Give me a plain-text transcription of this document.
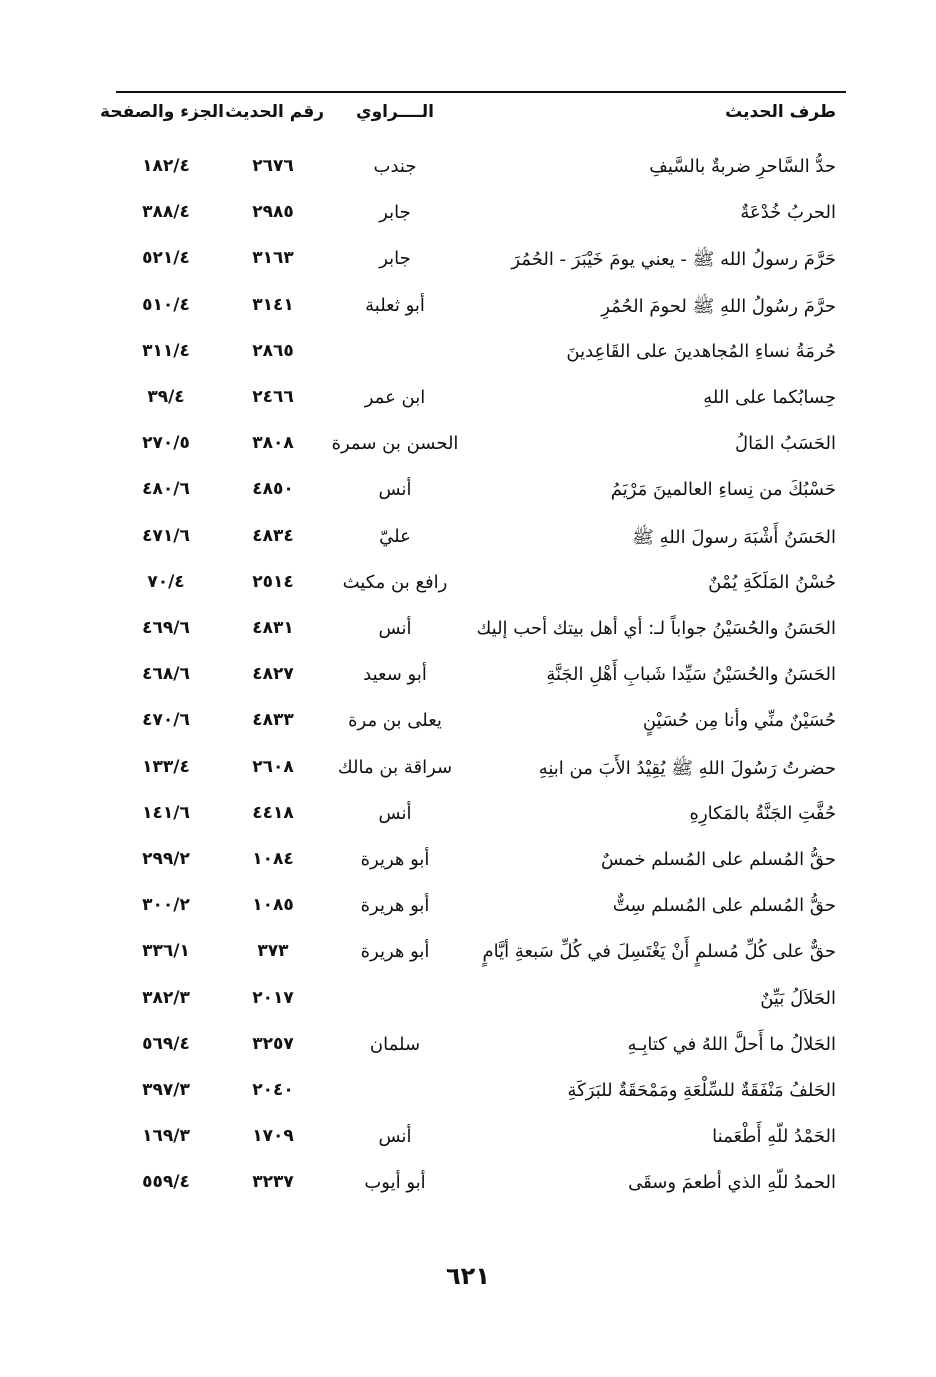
طرف الحديث
الــــراوي
رقم الحديث
الجزء والصفحة
حدُّ السَّاحرِ ضربةٌ بالسَّيفِ
جندب
٢٦٧٦
١٨٢/٤
الحربُ خُدْعَةٌ
جابر
٢٩٨٥
٣٨٨/٤
حَرَّمَ رسولُ الله ﷺ - يعني يومَ خَيْبَرَ - الحُمُرَ
جابر
٣١٦٣
٥٢١/٤
حرَّمَ رسُولُ اللهِ ﷺ لحومَ الحُمُرِ
أبو ثعلبة
٣١٤١
٥١٠/٤
حُرمَةُ نساءِ المُجاهدينَ على القَاعِدينَ
٢٨٦٥
٣١١/٤
حِسابُكما على اللهِ
ابن عمر
٢٤٦٦
٣٩/٤
الحَسَبُ المَالُ
الحسن بن سمرة
٣٨٠٨
٢٧٠/٥
حَسْبُكَ من نِساءِ العالمينَ مَرْيَمُ
أنس
٤٨٥٠
٤٨٠/٦
الحَسَنُ أَشْبَهَ رسولَ اللهِ ﷺ
عليّ
٤٨٣٤
٤٧١/٦
حُسْنُ المَلَكَةِ يُمْنٌ
رافع بن مكيث
٢٥١٤
٧٠/٤
الحَسَنُ والحُسَيْنُ جواباً لـ: أي أهل بيتك أحب إليك
أنس
٤٨٣١
٤٦٩/٦
الحَسَنُ والحُسَيْنُ سَيِّدا شَبابِ أَهْلِ الجَنَّةِ
أبو سعيد
٤٨٢٧
٤٦٨/٦
حُسَيْنٌ منِّي وأنا مِن حُسَيْنٍ
يعلى بن مرة
٤٨٣٣
٤٧٠/٦
حضرتُ رَسُولَ اللهِ ﷺ يُقِيْدُ الأَبَ من ابنِهِ
سراقة بن مالك
٢٦٠٨
١٣٣/٤
حُفَّتِ الجَنَّةُ بالمَكارِهِ
أنس
٤٤١٨
١٤١/٦
حقُّ المُسلم على المُسلم خمسٌ
أبو هريرة
١٠٨٤
٢٩٩/٢
حقُّ المُسلم على المُسلم سِتٌّ
أبو هريرة
١٠٨٥
٣٠٠/٢
حقٌّ على كُلِّ مُسلمٍ أَنْ يَغْتَسِلَ في كُلِّ سَبعةِ أيَّامٍ
أبو هريرة
٣٧٣
٣٣٦/١
الحَلاَلُ بَيِّنٌ
٢٠١٧
٣٨٢/٣
الحَلالُ ما أَحلَّ اللهُ في كتابِـهِ
سلمان
٣٢٥٧
٥٦٩/٤
الحَلفُ مَنْفَقَةٌ للسِّلْعَةِ ومَمْحَقَةٌ للبَرَكَةِ
٢٠٤٠
٣٩٧/٣
الحَمْدُ للّهِ أَطْعَمنا
أنس
١٧٠٩
١٦٩/٣
الحمدُ للّهِ الذي أطعمَ وسقَى
أبو أيوب
٣٢٣٧
٥٥٩/٤
٦٢١
